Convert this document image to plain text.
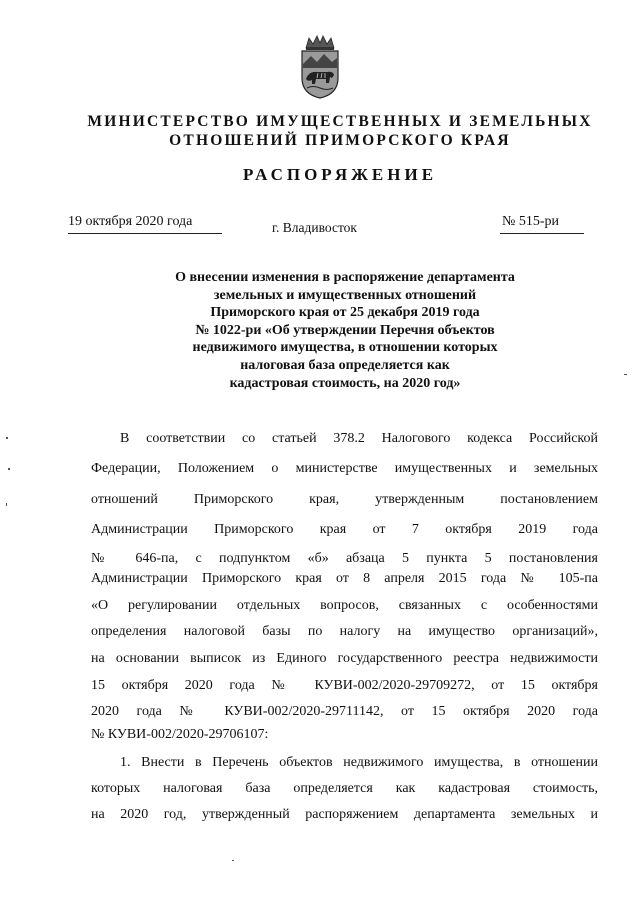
МИНИСТЕРСТВО ИМУЩЕСТВЕННЫХ И ЗЕМЕЛЬНЫХ
ОТНОШЕНИЙ ПРИМОРСКОГО КРАЯ
РАСПОРЯЖЕНИЕ
19 октября 2020 года	г. Владивосток	№ 515-ри
О внесении изменения в распоряжение департамента
земельных и имущественных отношений
Приморского края от 25 декабря 2019 года
№ 1022-ри «Об утверждении Перечня объектов
недвижимого имущества, в отношении которых
налоговая база определяется как
кадастровая стоимость, на 2020 год»
В соответствии со статьей 378.2 Налогового кодекса Российской
Федерации, Положением о министерстве имущественных и земельных
отношений Приморского края, утвержденным постановлением
Администрации Приморского края от 7 октября 2019 года
№ 646-па, с подпунктом «б» абзаца 5 пункта 5 постановления
Администрации Приморского края от 8 апреля 2015 года № 105-па
«О регулировании отдельных вопросов, связанных с особенностями
определения налоговой базы по налогу на имущество организаций»,
на основании выписок из Единого государственного реестра недвижимости
15 октября 2020 года № КУВИ-002/2020-29709272, от 15 октября
2020 года № КУВИ-002/2020-29711142, от 15 октября 2020 года
№ КУВИ-002/2020-29706107:
1. Внести в Перечень объектов недвижимого имущества, в отношении
которых налоговая база определяется как кадастровая стоимость,
на 2020 год, утвержденный распоряжением департамента земельных и
